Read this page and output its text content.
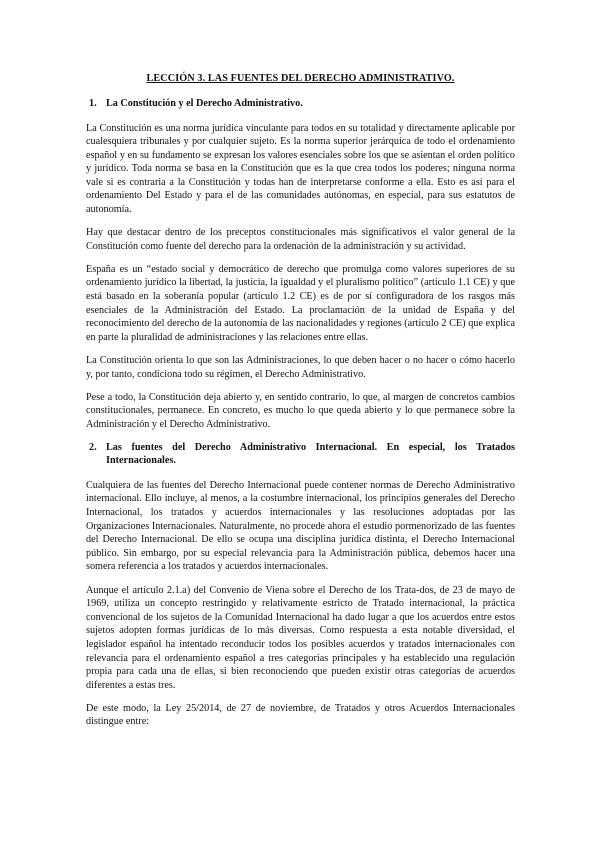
LECCIÓN 3. LAS FUENTES DEL DERECHO ADMINISTRATIVO.
1. La Constitución y el Derecho Administrativo.

La Constitución es una norma jurídica vinculante para todos en su totalidad y directamente aplicable por cualesquiera tribunales y por cualquier sujeto. Es la norma superior jerárquica de todo el ordenamiento español y en su fundamento se expresan los valores esenciales sobre los que se asientan el orden político y jurídico. Toda norma se basa en la Constitución que es la que crea todos los poderes; ninguna norma vale si es contraria a la Constitución y todas han de interpretarse conforme a ella. Esto es así para el ordenamiento Del Estado y para el de las comunidades autónomas, en especial, para sus estatutos de autonomía.

Hay que destacar dentro de los preceptos constitucionales más significativos el valor general de la Constitución como fuente del derecho para la ordenación de la administración y su actividad.

España es un “estado social y democrático de derecho que promulga como valores superiores de su ordenamiento jurídico la libertad, la justicia, la igualdad y el pluralismo político” (artículo 1.1 CE) y que está basado en la soberanía popular (artículo 1.2 CE) es de por sí configuradora de los rasgos más esenciales de la Administración del Estado. La proclamación de la unidad de España y del reconocimiento del derecho de la autonomía de las nacionalidades y regiones (artículo 2 CE) que explica en parte la pluralidad de administraciones y las relaciones entre ellas.

La Constitución orienta lo que son las Administraciones, lo que deben hacer o no hacer o cómo hacerlo y, por tanto, condiciona todo su régimen, el Derecho Administrativo.

Pese a todo, la Constitución deja abierto y, en sentido contrario, lo que, al margen de concretos cambios constitucionales, permanece. En concreto, es mucho lo que queda abierto y lo que permanece sobre la Administración y el Derecho Administrativo.

2. Las fuentes del Derecho Administrativo Internacional. En especial, los Tratados Internacionales.

Cualquiera de las fuentes del Derecho Internacional puede contener normas de Derecho Administrativo internacional. Ello incluye, al menos, a la costumbre internacional, los principios generales del Derecho Internacional, los tratados y acuerdos internacionales y las resoluciones adoptadas por las Organizaciones Internacionales. Naturalmente, no procede ahora el estudio pormenorizado de las fuentes del Derecho Internacional. De ello se ocupa una disciplina jurídica distinta, el Derecho Internacional público. Sin embargo, por su especial relevancia para la Administración pública, debemos hacer una somera referencia a los tratados y acuerdos internacionales.

Aunque el artículo 2.1.a) del Convenio de Viena sobre el Derecho de los Trata-dos, de 23 de mayo de 1969, utiliza un concepto restringido y relativamente estricto de Tratado internacional, la práctica convencional de los sujetos de la Comunidad Internacional ha dado lugar a que los acuerdos entre estos sujetos adopten formas jurídicas de lo más diversas. Como respuesta a esta notable diversidad, el legislador español ha intentado reconducir todos los posibles acuerdos y tratados internacionales con relevancia para el ordenamiento español a tres categorías principales y ha establecido una regulación propia para cada una de ellas, si bien reconociendo que pueden existir otras categorías de acuerdos diferentes a estas tres.

De este modo, la Ley 25/2014, de 27 de noviembre, de Tratados y otros Acuerdos Internacionales distingue entre:
